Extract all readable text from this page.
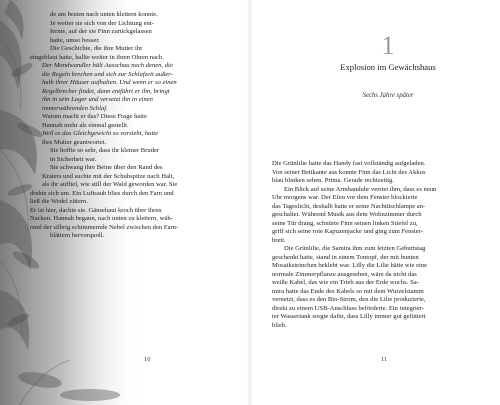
de am besten nach unten klettern konnte.
Je weiter sie sich von der Lichtung ent-
fernte, auf der sie Finn zurückgelassen
hatte, umso besser.
Die Geschichte, die ihre Mutter ihr
eingeblaut hatte, hallte weiter in ihren Ohren nach.
Der Mondwandler hält Ausschau nach denen, die
die Regeln brechen und sich zur Schlafzeit außer-
halb ihrer Häuser aufhalten. Und wenn er so einen
Regelbrecher findet, dann entführt er ihn, bringt
ihn in sein Lager und versetzt ihn in einen
immerwährenden Schlaf.
Warum macht er das? Diese Frage hatte
Hannah mehr als einmal gestellt.
Weil es das Gleichgewicht so vorsieht, hatte
ihre Mutter geantwortet.
Sie hoffte so sehr, dass ihr kleiner Bruder
in Sicherheit war.
Sie schwang ihre Beine über den Rand des
Kraters und suchte mit der Schuhspitze nach Halt,
als ihr auffiel, wie still der Wald geworden war. Sie
drehte sich um. Ein Luftsauh blies durch den Farn und
ließ die Wedel zittern.
Er ist hier, dachte sie. Gänsehaut kroch über ihren
Nacken. Hannah begann, nach unten zu klettern, wäh-
rend der silbrig schimmernde Nebel zwischen den Farn-
blättern hervorquoll.
10
1
Explosion im Gewächshaus
Sechs Jahre später
Die Grünlilie hatte das Handy fast vollständig aufgeladen.
Von seiner Bettkante aus konnte Finn das Licht des Akkus
blau blinken sehen. Prima. Gerade rechtzeitig.
Ein Blick auf seine Armbanduhr verriet ihm, dass es neun
Uhr morgens war. Der Efeu vor dem Fenster blockierte
das Tageslicht, deshalb hatte er seine Nachttischlampe an-
geschaltet. Während Musik aus dem Wohnzimmer durch
seine Tür drang, schnürte Finn seinen linken Stiefel zu,
griff sich seine rote Kapuzenjacke und ging zum Fenster-
brett.
Die Grünlilie, die Samira ihm zum letzten Geburtstag
geschenkt hatte, stand in einem Tontopf, der mit bunten
Mosaiksteinchen beklebt war. Lilly die Lilie hätte wie eine
normale Zimmerpflanze ausgesehen, wäre da nicht das
weiße Kabel, das wie ein Trieb aus der Erde wuchs. Sa-
mira hatte das Ende des Kabels so mit dem Wurzelstamm
vernetzt, dass es den Bio-Strom, den die Lilie produzierte,
direkt zu einem USB-Anschluss beförderte. Ein integrier-
ter Wassertank sorgte dafür, dass Lilly immer gut gefüttert
blieb.
11
